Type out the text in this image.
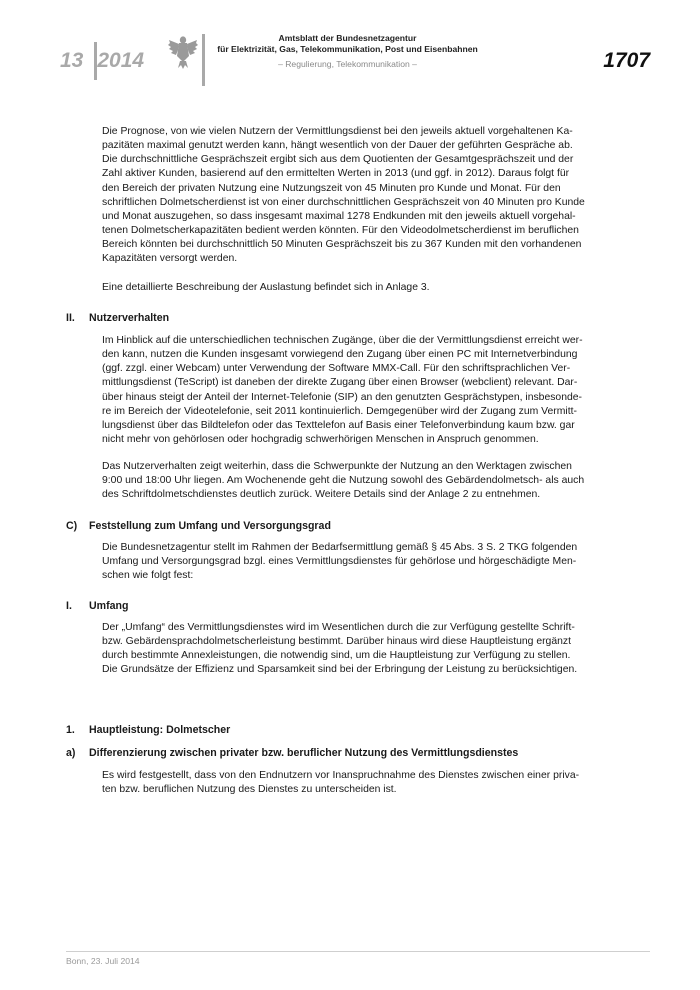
13 2014
Amtsblatt der Bundesnetzagentur
für Elektrizität, Gas, Telekommunikation, Post und Eisenbahnen
– Regulierung, Telekommunikation –	1707

Die Prognose, von wie vielen Nutzern der Vermittlungsdienst bei den jeweils aktuell vorgehaltenen Ka-
pazitäten maximal genutzt werden kann, hängt wesentlich von der Dauer der geführten Gespräche ab.
Die durchschnittliche Gesprächszeit ergibt sich aus dem Quotienten der Gesamtgesprächszeit und der
Zahl aktiver Kunden, basierend auf den ermittelten Werten in 2013 (und ggf. in 2012). Daraus folgt für
den Bereich der privaten Nutzung eine Nutzungszeit von 45 Minuten pro Kunde und Monat. Für den
schriftlichen Dolmetscherdienst ist von einer durchschnittlichen Gesprächszeit von 40 Minuten pro Kunde
und Monat auszugehen, so dass insgesamt maximal 1278 Endkunden mit den jeweils aktuell vorgehal-
tenen Dolmetscherkapazitäten bedient werden könnten. Für den Videodolmetscherdienst im beruflichen
Bereich könnten bei durchschnittlich 50 Minuten Gesprächszeit bis zu 367 Kunden mit den vorhandenen
Kapazitäten versorgt werden.

Eine detaillierte Beschreibung der Auslastung befindet sich in Anlage 3.

II. Nutzerverhalten

Im Hinblick auf die unterschiedlichen technischen Zugänge, über die der Vermittlungsdienst erreicht wer-
den kann, nutzen die Kunden insgesamt vorwiegend den Zugang über einen PC mit Internetverbindung
(ggf. zzgl. einer Webcam) unter Verwendung der Software MMX-Call. Für den schriftsprachlichen Ver-
mittlungsdienst (TeScript) ist daneben der direkte Zugang über einen Browser (webclient) relevant. Dar-
über hinaus steigt der Anteil der Internet-Telefonie (SIP) an den genutzten Gesprächstypen, insbesonde-
re im Bereich der Videotelefonie, seit 2011 kontinuierlich. Demgegenüber wird der Zugang zum Vermitt-
lungsdienst über das Bildtelefon oder das Texttelefon auf Basis einer Telefonverbindung kaum bzw. gar
nicht mehr von gehörlosen oder hochgradig schwerhörigen Menschen in Anspruch genommen.

Das Nutzerverhalten zeigt weiterhin, dass die Schwerpunkte der Nutzung an den Werktagen zwischen
9:00 und 18:00 Uhr liegen. Am Wochenende geht die Nutzung sowohl des Gebärdendolmetsch- als auch
des Schriftdolmetschdienstes deutlich zurück. Weitere Details sind der Anlage 2 zu entnehmen.

C) Feststellung zum Umfang und Versorgungsgrad

Die Bundesnetzagentur stellt im Rahmen der Bedarfsermittlung gemäß § 45 Abs. 3 S. 2 TKG folgenden
Umfang und Versorgungsgrad bzgl. eines Vermittlungsdienstes für gehörlose und hörgeschädigte Men-
schen wie folgt fest:

I. Umfang

Der „Umfang“ des Vermittlungsdienstes wird im Wesentlichen durch die zur Verfügung gestellte Schrift-
bzw. Gebärdensprachdolmetscherleistung bestimmt. Darüber hinaus wird diese Hauptleistung ergänzt
durch bestimmte Annexleistungen, die notwendig sind, um die Hauptleistung zur Verfügung zu stellen.
Die Grundsätze der Effizienz und Sparsamkeit sind bei der Erbringung der Leistung zu berücksichtigen.

1. Hauptleistung: Dolmetscher
a) Differenzierung zwischen privater bzw. beruflicher Nutzung des Vermittlungsdienstes

Es wird festgestellt, dass von den Endnutzern vor Inanspruchnahme des Dienstes zwischen einer priva-
ten bzw. beruflichen Nutzung des Dienstes zu unterscheiden ist.

Bonn, 23. Juli 2014
